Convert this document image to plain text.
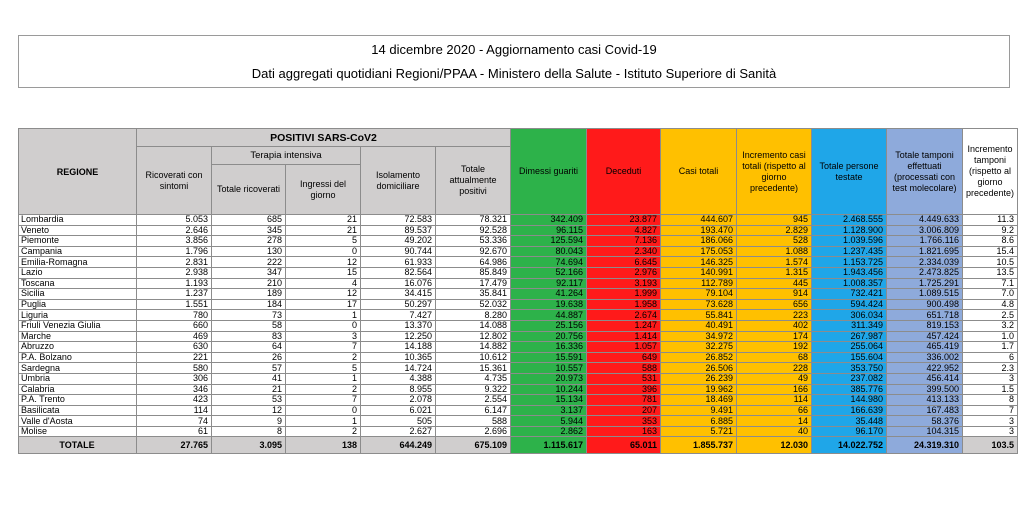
14 dicembre 2020 - Aggiornamento casi Covid-19
Dati aggregati quotidiani Regioni/PPAA - Ministero della Salute - Istituto Superiore di Sanità
REGIONE	POSITIVI SARS-CoV2					Dimessi guariti	Deceduti	Casi totali	Incremento casi totali (rispetto al giorno precedente)	Totale persone testate	Totale tamponi effettuati (processati con test molecolare)	Incremento tamponi (rispetto al giorno precedente)
	Ricoverati con sintomi	Terapia intensiva		Isolamento domiciliare	Totale attualmente positivi							
		Totale ricoverati	Ingressi del giorno									
Lombardia	5.053	685	21	72.583	78.321	342.409	23.877	444.607	945	2.468.555	4.449.633	11.3
Veneto	2.646	345	21	89.537	92.528	96.115	4.827	193.470	2.829	1.128.900	3.006.809	9.2
Piemonte	3.856	278	5	49.202	53.336	125.594	7.136	186.066	528	1.039.596	1.766.116	8.6
Campania	1.796	130	0	90.744	92.670	80.043	2.340	175.053	1.088	1.237.435	1.821.695	15.4
Emilia-Romagna	2.831	222	12	61.933	64.986	74.694	6.645	146.325	1.574	1.153.725	2.334.039	10.5
Lazio	2.938	347	15	82.564	85.849	52.166	2.976	140.991	1.315	1.943.456	2.473.825	13.5
Toscana	1.193	210	4	16.076	17.479	92.117	3.193	112.789	445	1.008.357	1.725.291	7.1
Sicilia	1.237	189	12	34.415	35.841	41.264	1.999	79.104	914	732.421	1.089.515	7.0
Puglia	1.551	184	17	50.297	52.032	19.638	1.958	73.628	656	594.424	900.498	4.8
Liguria	780	73	1	7.427	8.280	44.887	2.674	55.841	223	306.034	651.718	2.5
Friuli Venezia Giulia	660	58	0	13.370	14.088	25.156	1.247	40.491	402	311.349	819.153	3.2
Marche	469	83	3	12.250	12.802	20.756	1.414	34.972	174	267.987	457.424	1.0
Abruzzo	630	64	7	14.188	14.882	16.336	1.057	32.275	192	255.064	465.419	1.7
P.A. Bolzano	221	26	2	10.365	10.612	15.591	649	26.852	68	155.604	336.002	6
Sardegna	580	57	5	14.724	15.361	10.557	588	26.506	228	353.750	422.952	2.3
Umbria	306	41	1	4.388	4.735	20.973	531	26.239	49	237.082	456.414	3
Calabria	346	21	2	8.955	9.322	10.244	396	19.962	166	385.776	399.500	1.5
P.A. Trento	423	53	7	2.078	2.554	15.134	781	18.469	114	144.980	413.133	8
Basilicata	114	12	0	6.021	6.147	3.137	207	9.491	66	166.639	167.483	7
Valle d'Aosta	74	9	1	505	588	5.944	353	6.885	14	35.448	58.376	3
Molise	61	8	2	2.627	2.696	2.862	163	5.721	40	96.170	104.315	3
TOTALE	27.765	3.095	138	644.249	675.109	1.115.617	65.011	1.855.737	12.030	14.022.752	24.319.310	103.5
